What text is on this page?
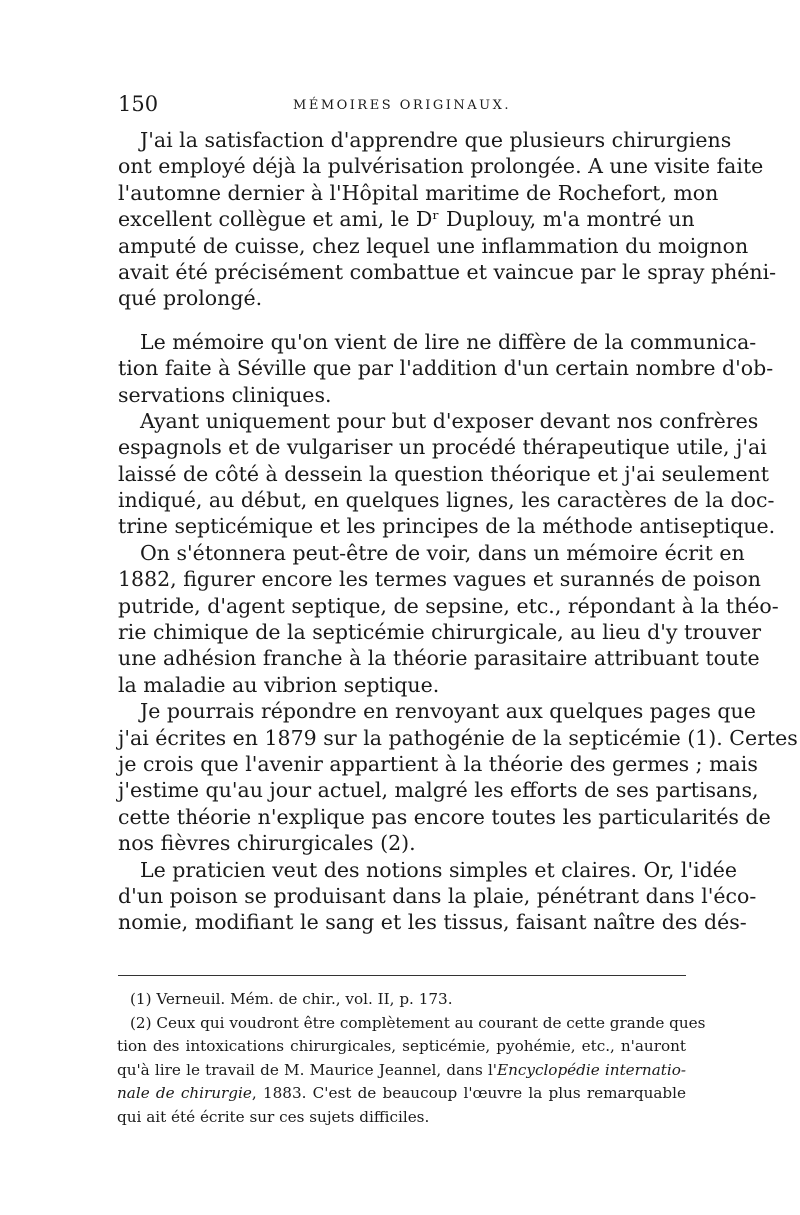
150	MÉMOIRES ORIGINAUX.

J'ai la satisfaction d'apprendre que plusieurs chirurgiens
ont employé déjà la pulvérisation prolongée. A une visite faite
l'automne dernier à l'Hôpital maritime de Rochefort, mon
excellent collègue et ami, le Dʳ Duplouy, m'a montré un
amputé de cuisse, chez lequel une inflammation du moignon
avait été précisément combattue et vaincue par le spray phéni-
qué prolongé.

Le mémoire qu'on vient de lire ne diffère de la communica-
tion faite à Séville que par l'addition d'un certain nombre d'ob-
servations cliniques.

Ayant uniquement pour but d'exposer devant nos confrères
espagnols et de vulgariser un procédé thérapeutique utile, j'ai
laissé de côté à dessein la question théorique et j'ai seulement
indiqué, au début, en quelques lignes, les caractères de la doc-
trine septicémique et les principes de la méthode antiseptique.

On s'étonnera peut-être de voir, dans un mémoire écrit en
1882, figurer encore les termes vagues et surannés de poison
putride, d'agent septique, de sepsine, etc., répondant à la théo-
rie chimique de la septicémie chirurgicale, au lieu d'y trouver
une adhésion franche à la théorie parasitaire attribuant toute
la maladie au vibrion septique.

Je pourrais répondre en renvoyant aux quelques pages que
j'ai écrites en 1879 sur la pathogénie de la septicémie (1). Certes
je crois que l'avenir appartient à la théorie des germes ; mais
j'estime qu'au jour actuel, malgré les efforts de ses partisans,
cette théorie n'explique pas encore toutes les particularités de
nos fièvres chirurgicales (2).

Le praticien veut des notions simples et claires. Or, l'idée
d'un poison se produisant dans la plaie, pénétrant dans l'éco-
nomie, modifiant le sang et les tissus, faisant naître des dés-

(1) Verneuil. Mém. de chir., vol. II, p. 173.
(2) Ceux qui voudront être complètement au courant de cette grande ques
tion des intoxications chirurgicales, septicémie, pyohémie, etc., n'auront
qu'à lire le travail de M. Maurice Jeannel, dans l'Encyclopédie internatio-
nale de chirurgie, 1883. C'est de beaucoup l'œuvre la plus remarquable
qui ait été écrite sur ces sujets difficiles.
